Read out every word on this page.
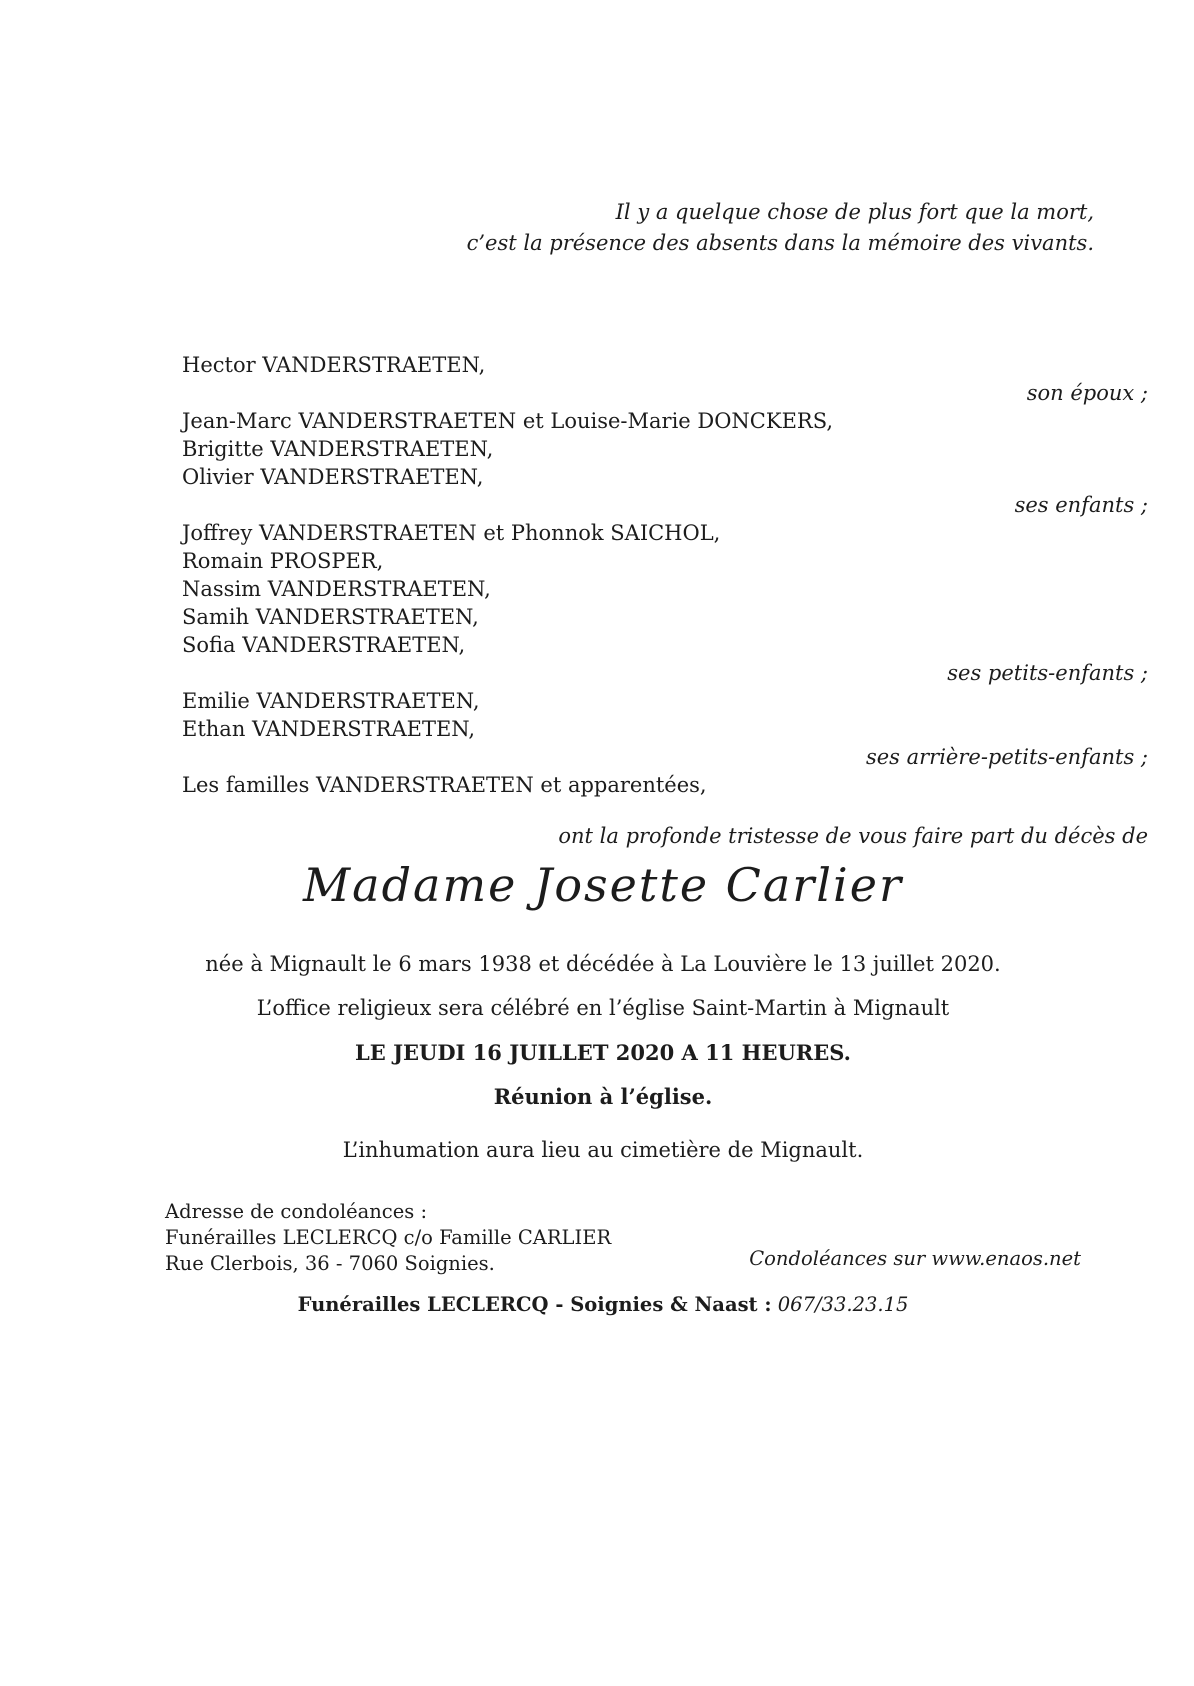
Il y a quelque chose de plus fort que la mort,
c’est la présence des absents dans la mémoire des vivants.
Hector VANDERSTRAETEN,
son époux ;
Jean-Marc VANDERSTRAETEN et Louise-Marie DONCKERS,
Brigitte VANDERSTRAETEN,
Olivier VANDERSTRAETEN,
ses enfants ;
Joffrey VANDERSTRAETEN et Phonnok SAICHOL,
Romain PROSPER,
Nassim VANDERSTRAETEN,
Samih VANDERSTRAETEN,
Sofia VANDERSTRAETEN,
ses petits-enfants ;
Emilie VANDERSTRAETEN,
Ethan VANDERSTRAETEN,
ses arrière-petits-enfants ;
Les familles VANDERSTRAETEN et apparentées,
ont la profonde tristesse de vous faire part du décès de
Madame Josette Carlier
née à Mignault le 6 mars 1938 et décédée à La Louvière le 13 juillet 2020.
L’office religieux sera célébré en l’église Saint-Martin à Mignault
LE JEUDI 16 JUILLET 2020 A 11 HEURES.
Réunion à l’église.
L’inhumation aura lieu au cimetière de Mignault.
Adresse de condoléances :
Funérailles LECLERCQ c/o Famille CARLIER
Rue Clerbois, 36 - 7060 Soignies.	Condoléances sur www.enaos.net
Funérailles LECLERCQ - Soignies & Naast : 067/33.23.15
